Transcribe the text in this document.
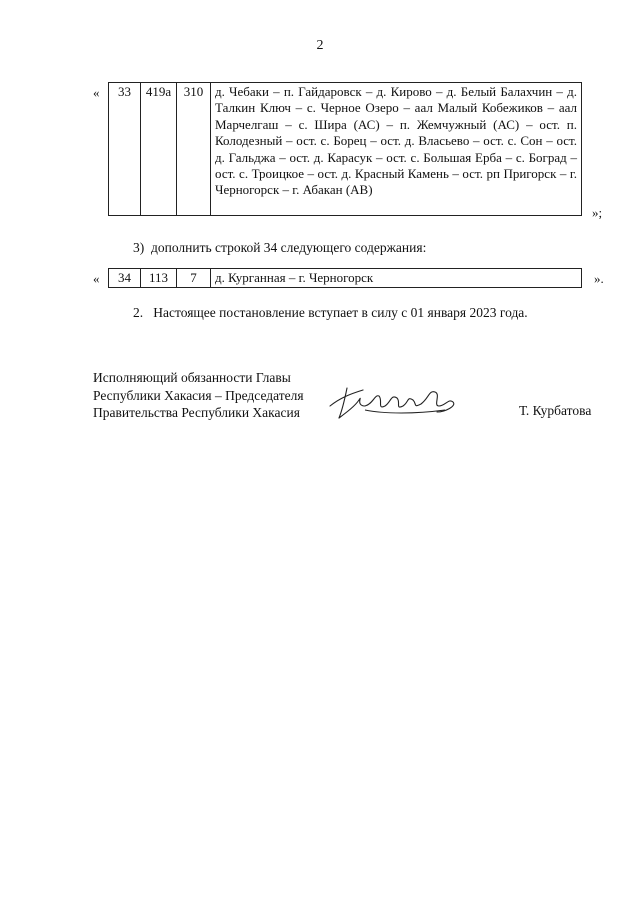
2
« 33	419а	310	д. Чебаки – п. Гайдаровск – д. Кирово – д. Белый Балахчин – д. Талкин Ключ – с. Черное Озеро – аал Малый Кобежиков – аал Марчелгаш – с. Шира (АС) – п. Жемчужный (АС) – ост. п. Колодезный – ост. с. Борец – ост. д. Власьево – ост. с. Сон – ост. д. Гальджа – ост. д. Карасук – ост. с. Большая Ерба – с. Боград – ост. с. Троицкое – ост. д. Красный Камень – ост. рп Пригорск – г. Черногорск – г. Абакан (АВ)
»;
3)  дополнить строкой 34 следующего содержания:
« 34	113	7	д. Курганная – г. Черногорск	».
2.   Настоящее постановление вступает в силу с 01 января 2023 года.
Исполняющий обязанности Главы
Республики Хакасия – Председателя
Правительства Республики Хакасия	Т. Курбатова
